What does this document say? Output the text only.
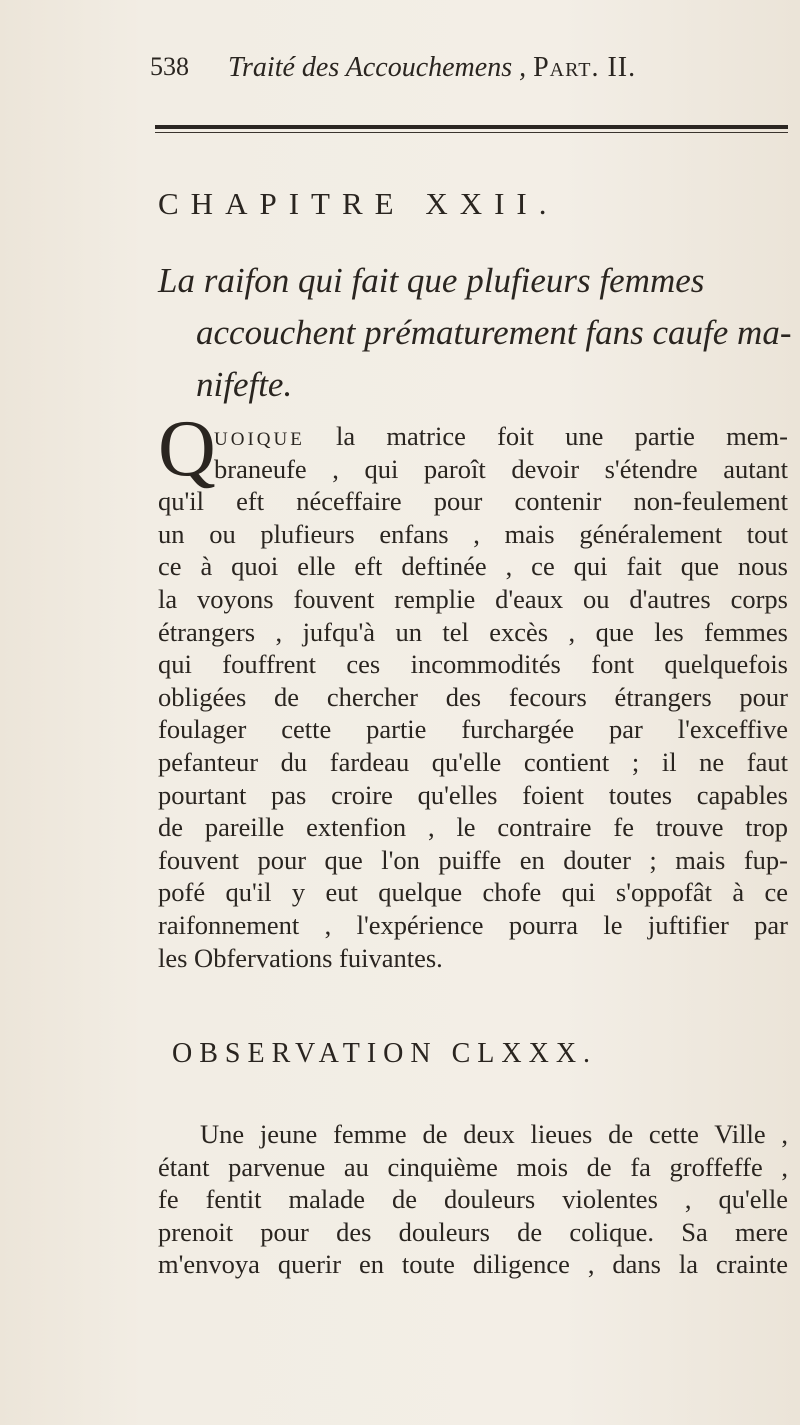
538 Traité des Accouchemens , Part. II.
CHAPITRE XXII.
La raifon qui fait que plufieurs femmes
accouchent prématurement fans caufe ma-
nifefte.
Q
uoique la matrice foit une partie mem-
braneufe , qui paroît devoir s'étendre autant
qu'il eft néceffaire pour contenir non-feulement
un ou plufieurs enfans , mais généralement tout
ce à quoi elle eft deftinée , ce qui fait que nous
la voyons fouvent remplie d'eaux ou d'autres corps
étrangers , jufqu'à un tel excès , que les femmes
qui fouffrent ces incommodités font quelquefois
obligées de chercher des fecours étrangers pour
foulager cette partie furchargée par l'exceffive
pefanteur du fardeau qu'elle contient ; il ne faut
pourtant pas croire qu'elles foient toutes capables
de pareille extenfion , le contraire fe trouve trop
fouvent pour que l'on puiffe en douter ; mais fup-
pofé qu'il y eut quelque chofe qui s'oppofât à ce
raifonnement , l'expérience pourra le juftifier par
les Obfervations fuivantes.
OBSERVATION CLXXX.
Une jeune femme de deux lieues de cette Ville ,
étant parvenue au cinquième mois de fa groffeffe ,
fe fentit malade de douleurs violentes , qu'elle
prenoit pour des douleurs de colique. Sa mere
m'envoya querir en toute diligence , dans la crainte
